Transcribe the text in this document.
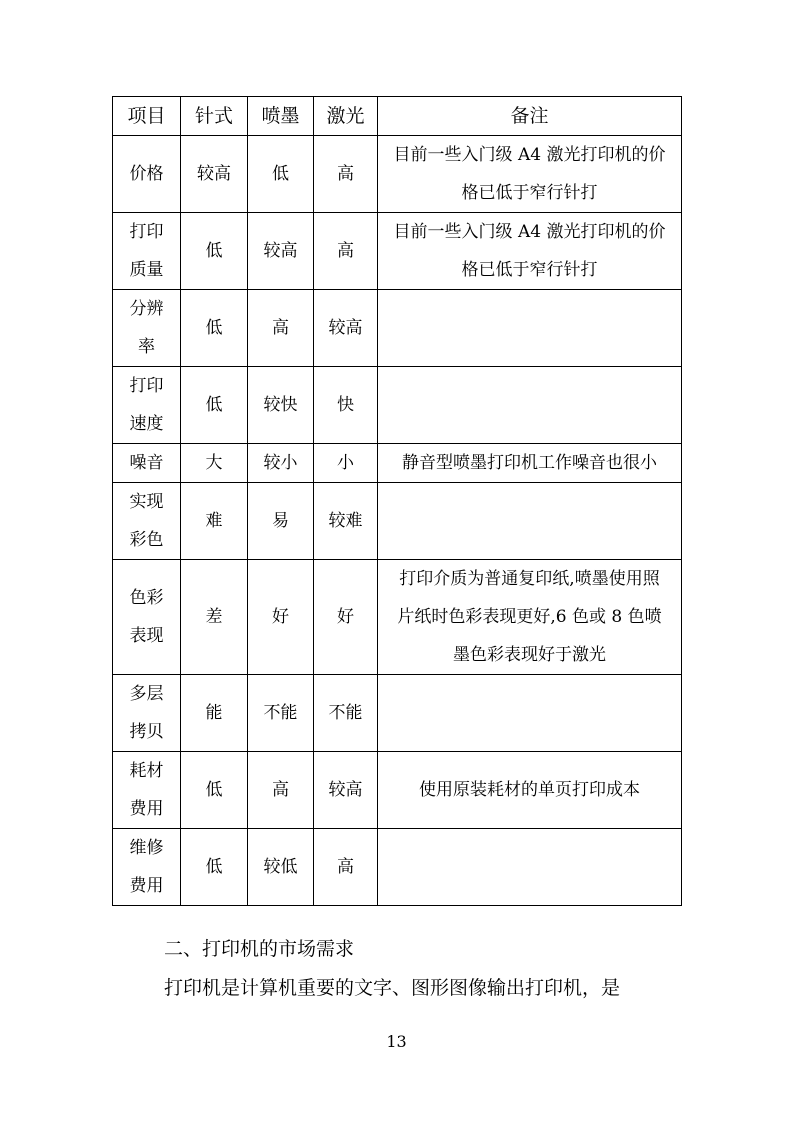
项目	针式	喷墨	激光	备注

价格	较高	低	高	目前一些入门级 A4 激光打印机的价
格已低于窄行针打

打印
质量	低	较高	高	目前一些入门级 A4 激光打印机的价
格已低于窄行针打

分辨
率	低	高	较高	

打印
速度	低	较快	快	

噪音	大	较小	小	静音型喷墨打印机工作噪音也很小

实现
彩色	难	易	较难	

色彩
表现	差	好	好	打印介质为普通复印纸,喷墨使用照
片纸时色彩表现更好,6 色或 8 色喷
墨色彩表现好于激光

多层
拷贝	能	不能	不能	

耗材
费用	低	高	较高	使用原装耗材的单页打印成本

维修
费用	低	较低	高	
二、打印机的市场需求
打印机是计算机重要的文字、图形图像输出打印机，是
13
